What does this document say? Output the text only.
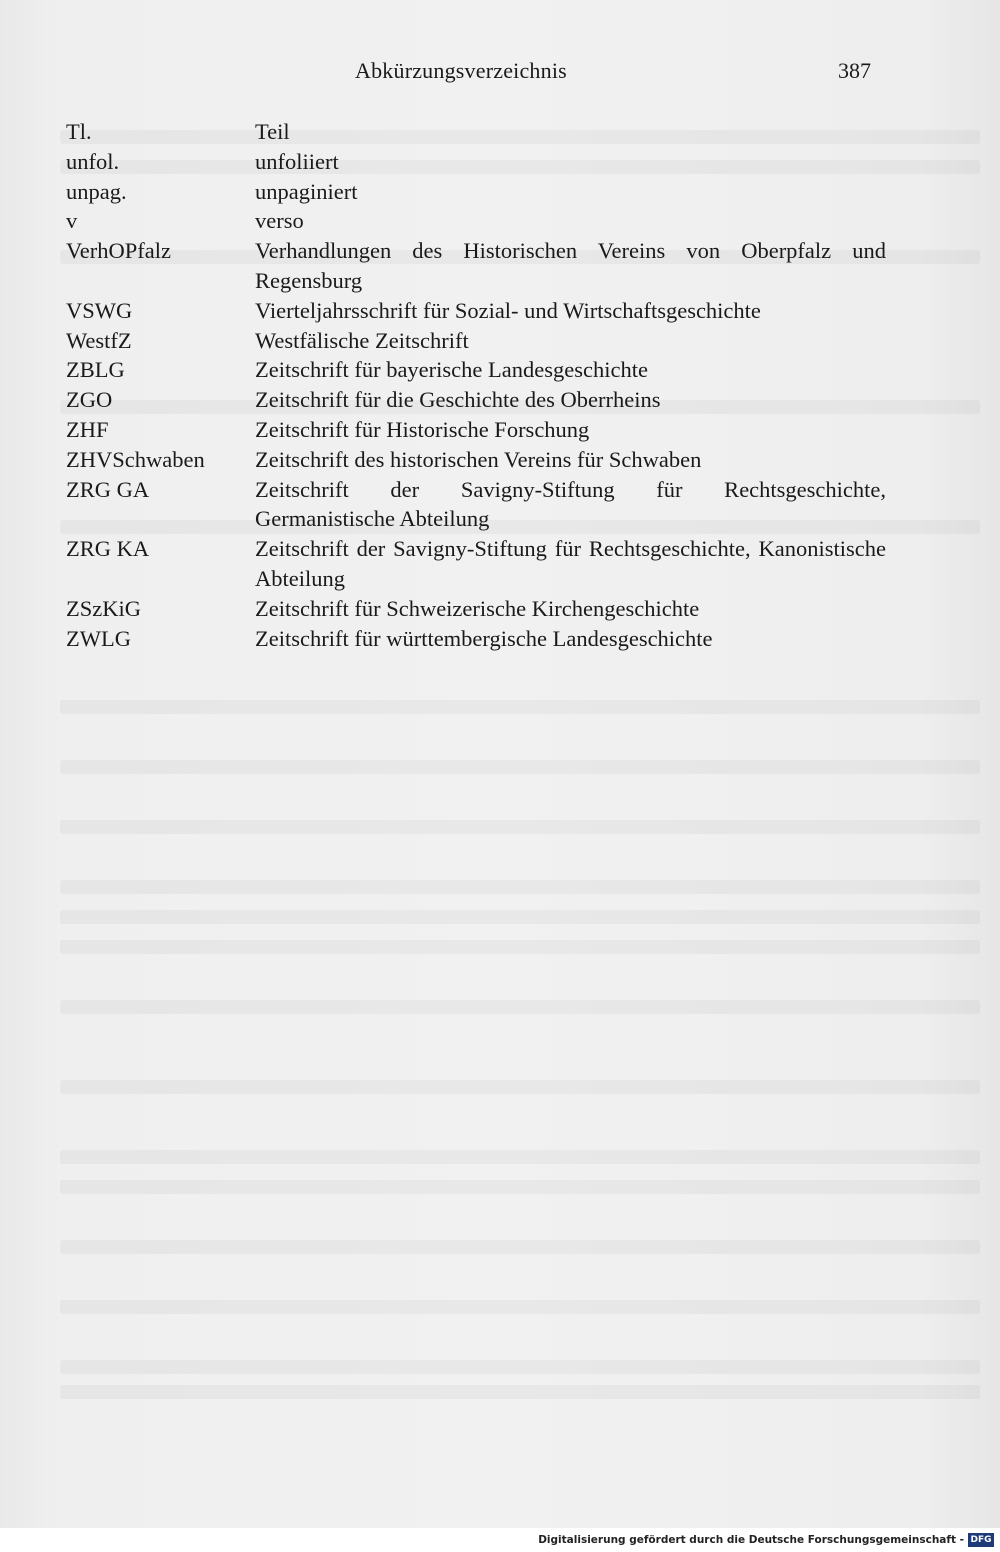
Abkürzungsverzeichnis	387
Tl.	Teil
unfol.	unfoliiert
unpag.	unpaginiert
v	verso
VerhOPfalz	Verhandlungen des Historischen Vereins von Oberpfalz und Regensburg
VSWG	Vierteljahrsschrift für Sozial- und Wirtschaftsgeschichte
WestfZ	Westfälische Zeitschrift
ZBLG	Zeitschrift für bayerische Landesgeschichte
ZGO	Zeitschrift für die Geschichte des Oberrheins
ZHF	Zeitschrift für Historische Forschung
ZHVSchwaben	Zeitschrift des historischen Vereins für Schwaben
ZRG GA	Zeitschrift der Savigny-Stiftung für Rechtsgeschichte, Germanistische Abteilung
ZRG KA	Zeitschrift der Savigny-Stiftung für Rechtsgeschichte, Kanonistische Abteilung
ZSzKiG	Zeitschrift für Schweizerische Kirchengeschichte
ZWLG	Zeitschrift für württembergische Landesgeschichte
Digitalisierung gefördert durch die Deutsche Forschungsgemeinschaft - DFG
